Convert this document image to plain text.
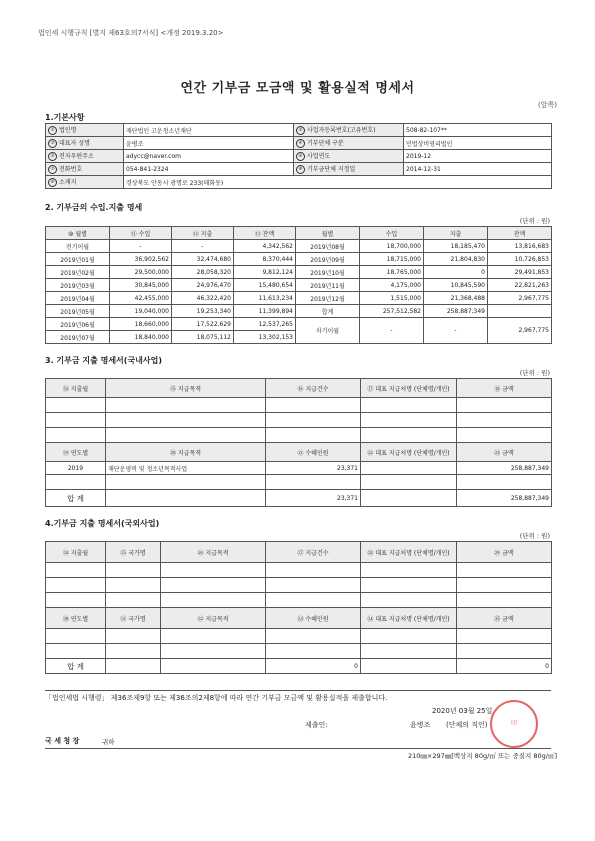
법인세 시행규칙 [별지 제63호의7서식] <개정 2019.3.20>
연간 기부금 모금액 및 활용실적 명세서
(앞쪽)
1.기본사항
① 법인명	재단법인 고운청소년재단	② 사업자등록번호(고유번호)	508-82-107**
③ 대표자 성명	윤병조	④ 기부단체 구분	민법상비영리법인
⑤ 전자우편주소	adycc@naver.com	⑥ 사업연도	2019-12
⑦ 전화번호	054-841-2324	⑧ 기부금단체 지정일	2014-12-31
⑨ 소재지	경상북도 안동시 광명로 233(태화동)		
2. 기부금의 수입.지출 명세
(단위 : 원)
⑩ 월별	⑪ 수입	⑫ 지출	⑬ 잔액	월별	수입	지출	잔액
전기이월	-	-	4,342,562	2019년08월	18,700,000	18,185,470	13,816,683
2019년01월	36,902,562	32,474,680	8,370,444	2019년09월	18,715,000	21,804,830	10,726,853
2019년02월	29,500,000	28,058,320	9,812,124	2019년10월	18,765,000	0	29,491,853
2019년03월	30,845,000	24,976,470	15,480,654	2019년11월	4,175,000	10,845,590	22,821,263
2019년04월	42,455,000	46,322,420	11,613,234	2019년12월	1,515,000	21,368,488	2,967,775
2019년05월	19,040,000	19,253,340	11,399,894	합계	257,512,582	258,887,349	
2019년06월	18,660,000	17,522,629	12,537,265	차기이월	-	-	2,967,775
2019년07월	18,840,000	18,075,112	13,302,153				
3. 기부금 지출 명세서(국내사업)
(단위 : 원)
⑭ 지출월	⑮ 지급목적	⑯ 지급건수	⑰ 대표 지급처명 (단체명/개인)	⑱ 금액

⑲ 연도별	⑳ 지급목적	㉑ 수혜인원	㉒ 대표 지급처명 (단체명/개인)	㉓ 금액
2019	재단운영비 및 청소년목적사업	23,371		258,887,349

합 계		23,371		258,887,349
4.기부금 지출 명세서(국외사업)
(단위 : 원)
㉔ 지출월	㉕ 국가명	㉖ 지급목적	㉗ 지급건수	㉘ 대표 지급처명 (단체명/개인)	㉙ 금액

㉚ 연도별	㉛ 국가명	㉜ 지급목적	㉝ 수혜인원	㉞ 대표 지급처명 (단체명/개인)	㉟ 금액

합 계			0		0
「법인세법 시행령」 제36조제9항 또는 제36조의2제8항에 따라 연간 기부금 모금액 및 활용실적을 제출합니다.
2020년 03월 25일
제출인:	윤병조 (단체의 직인)	印
국 세 청 장	귀하
210㎜×297㎜[백상지 80g/㎡ 또는 중질지 80g/㎡]
